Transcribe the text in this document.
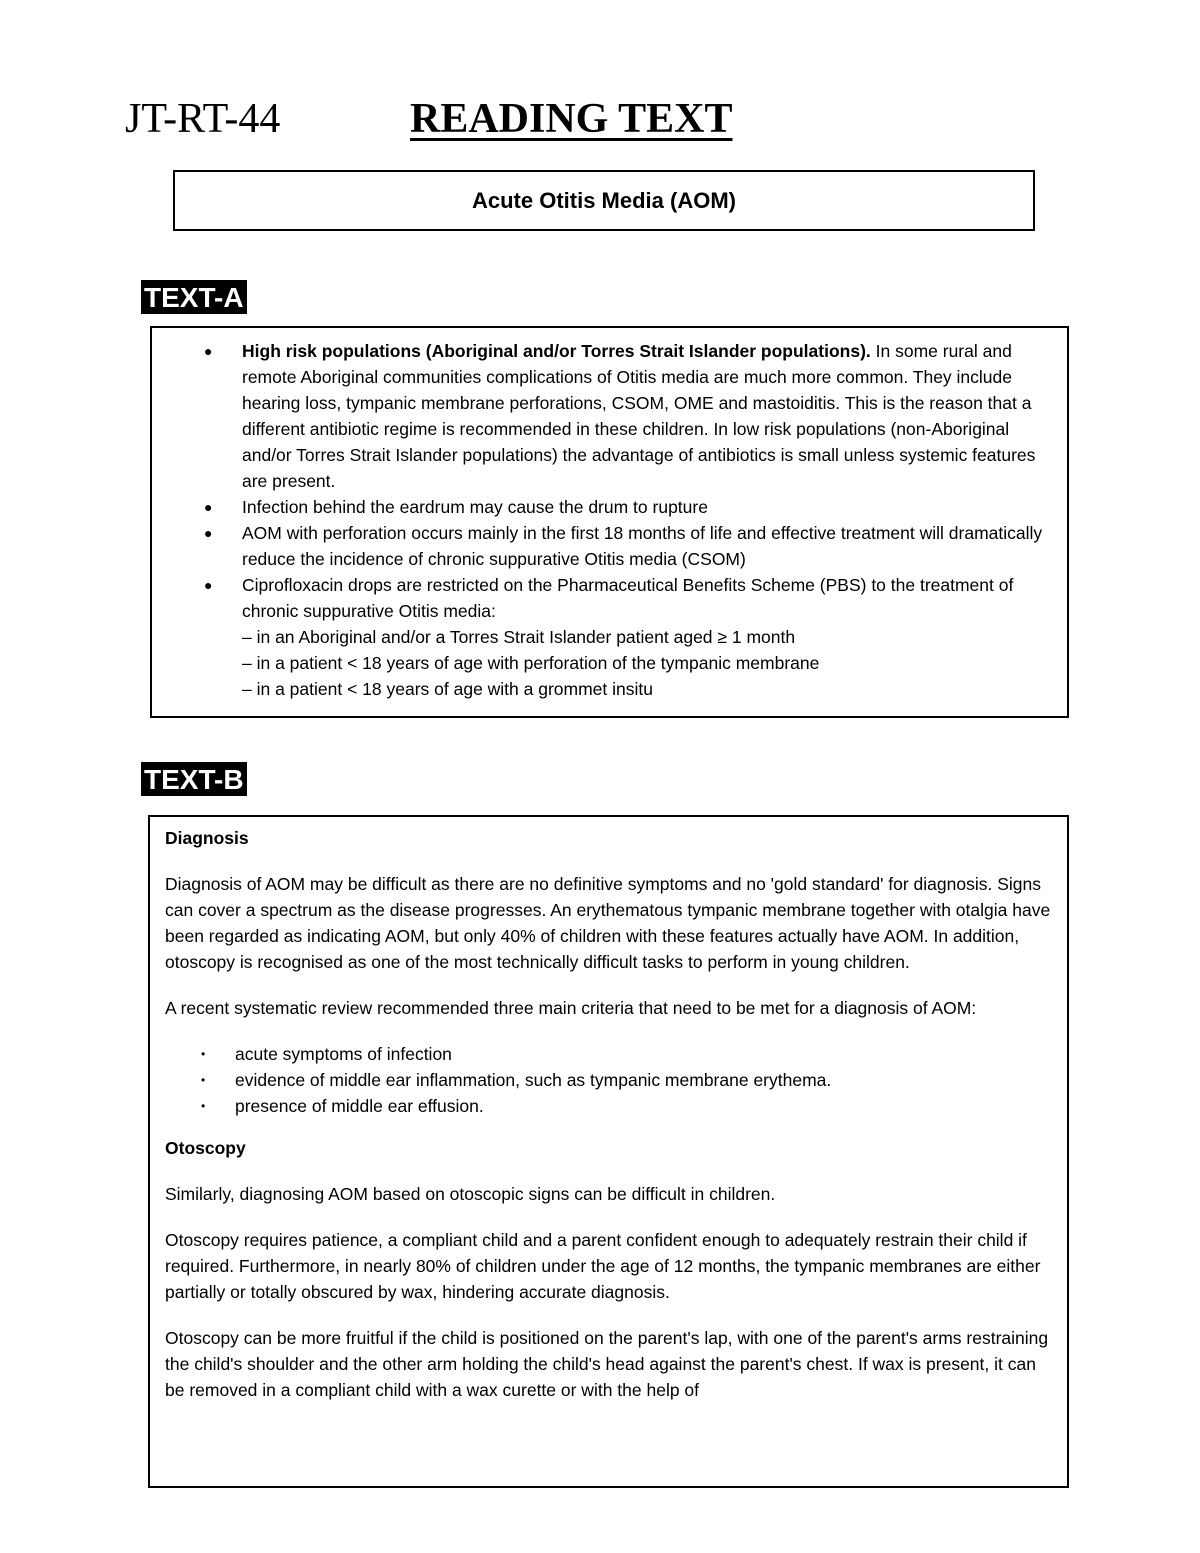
JT-RT-44	READING TEXT
Acute Otitis Media (AOM)
TEXT-A
● High risk populations (Aboriginal and/or Torres Strait Islander populations). In some rural and remote Aboriginal communities complications of Otitis media are much more common. They include hearing loss, tympanic membrane perforations, CSOM, OME and mastoiditis. This is the reason that a different antibiotic regime is recommended in these children. In low risk populations (non-Aboriginal and/or Torres Strait Islander populations) the advantage of antibiotics is small unless systemic features are present.
● Infection behind the eardrum may cause the drum to rupture
● AOM with perforation occurs mainly in the first 18 months of life and effective treatment will dramatically reduce the incidence of chronic suppurative Otitis media (CSOM)
● Ciprofloxacin drops are restricted on the Pharmaceutical Benefits Scheme (PBS) to the treatment of chronic suppurative Otitis media:
– in an Aboriginal and/or a Torres Strait Islander patient aged ≥ 1 month
– in a patient < 18 years of age with perforation of the tympanic membrane
– in a patient < 18 years of age with a grommet insitu
TEXT-B

Diagnosis

Diagnosis of AOM may be difficult as there are no definitive symptoms and no 'gold standard' for diagnosis. Signs can cover a spectrum as the disease progresses. An erythematous tympanic membrane together with otalgia have been regarded as indicating AOM, but only 40% of children with these features actually have AOM. In addition, otoscopy is recognised as one of the most technically difficult tasks to perform in young children.

A recent systematic review recommended three main criteria that need to be met for a diagnosis of AOM:

• acute symptoms of infection
• evidence of middle ear inflammation, such as tympanic membrane erythema.
• presence of middle ear effusion.

Otoscopy

Similarly, diagnosing AOM based on otoscopic signs can be difficult in children.

Otoscopy requires patience, a compliant child and a parent confident enough to adequately restrain their child if required. Furthermore, in nearly 80% of children under the age of 12 months, the tympanic membranes are either partially or totally obscured by wax, hindering accurate diagnosis.

Otoscopy can be more fruitful if the child is positioned on the parent's lap, with one of the parent's arms restraining the child's shoulder and the other arm holding the child's head against the parent's chest. If wax is present, it can be removed in a compliant child with a wax curette or with the help of
